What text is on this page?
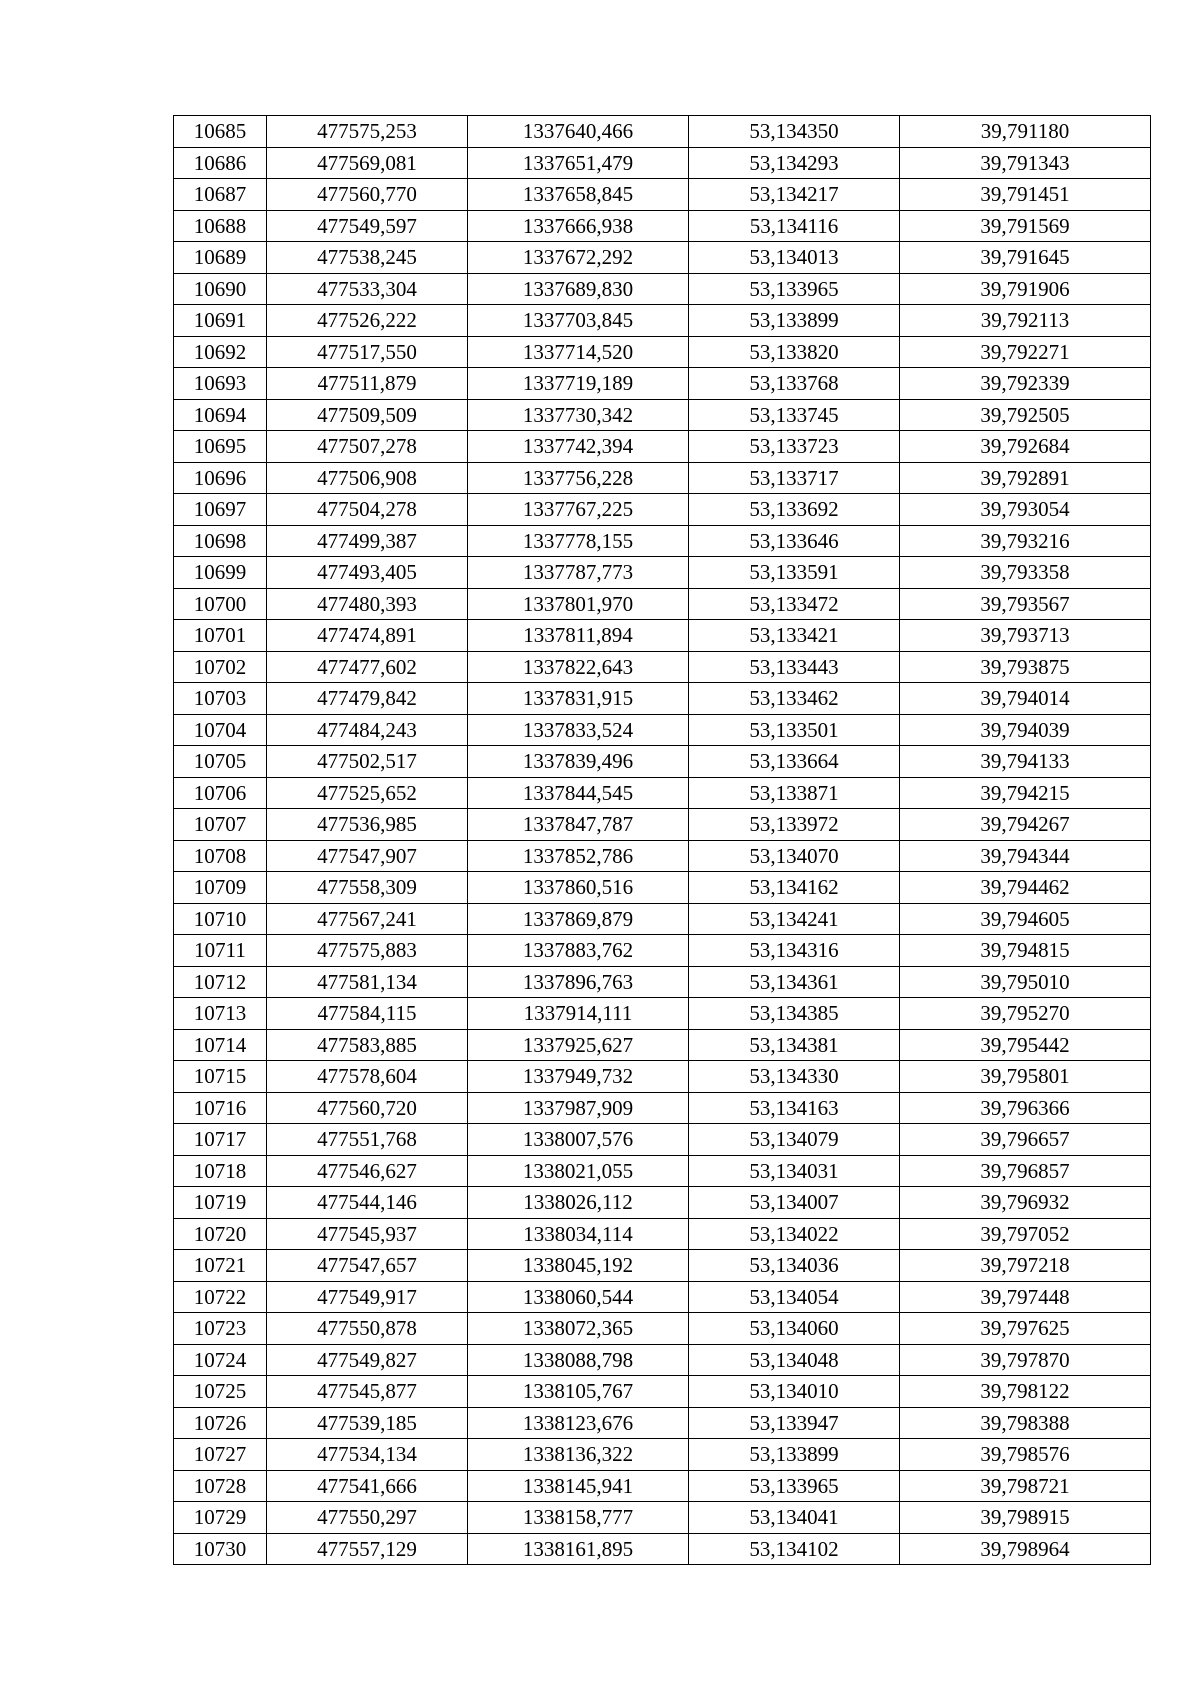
10685	477575,253	1337640,466	53,134350	39,791180
10686	477569,081	1337651,479	53,134293	39,791343
10687	477560,770	1337658,845	53,134217	39,791451
10688	477549,597	1337666,938	53,134116	39,791569
10689	477538,245	1337672,292	53,134013	39,791645
10690	477533,304	1337689,830	53,133965	39,791906
10691	477526,222	1337703,845	53,133899	39,792113
10692	477517,550	1337714,520	53,133820	39,792271
10693	477511,879	1337719,189	53,133768	39,792339
10694	477509,509	1337730,342	53,133745	39,792505
10695	477507,278	1337742,394	53,133723	39,792684
10696	477506,908	1337756,228	53,133717	39,792891
10697	477504,278	1337767,225	53,133692	39,793054
10698	477499,387	1337778,155	53,133646	39,793216
10699	477493,405	1337787,773	53,133591	39,793358
10700	477480,393	1337801,970	53,133472	39,793567
10701	477474,891	1337811,894	53,133421	39,793713
10702	477477,602	1337822,643	53,133443	39,793875
10703	477479,842	1337831,915	53,133462	39,794014
10704	477484,243	1337833,524	53,133501	39,794039
10705	477502,517	1337839,496	53,133664	39,794133
10706	477525,652	1337844,545	53,133871	39,794215
10707	477536,985	1337847,787	53,133972	39,794267
10708	477547,907	1337852,786	53,134070	39,794344
10709	477558,309	1337860,516	53,134162	39,794462
10710	477567,241	1337869,879	53,134241	39,794605
10711	477575,883	1337883,762	53,134316	39,794815
10712	477581,134	1337896,763	53,134361	39,795010
10713	477584,115	1337914,111	53,134385	39,795270
10714	477583,885	1337925,627	53,134381	39,795442
10715	477578,604	1337949,732	53,134330	39,795801
10716	477560,720	1337987,909	53,134163	39,796366
10717	477551,768	1338007,576	53,134079	39,796657
10718	477546,627	1338021,055	53,134031	39,796857
10719	477544,146	1338026,112	53,134007	39,796932
10720	477545,937	1338034,114	53,134022	39,797052
10721	477547,657	1338045,192	53,134036	39,797218
10722	477549,917	1338060,544	53,134054	39,797448
10723	477550,878	1338072,365	53,134060	39,797625
10724	477549,827	1338088,798	53,134048	39,797870
10725	477545,877	1338105,767	53,134010	39,798122
10726	477539,185	1338123,676	53,133947	39,798388
10727	477534,134	1338136,322	53,133899	39,798576
10728	477541,666	1338145,941	53,133965	39,798721
10729	477550,297	1338158,777	53,134041	39,798915
10730	477557,129	1338161,895	53,134102	39,798964
